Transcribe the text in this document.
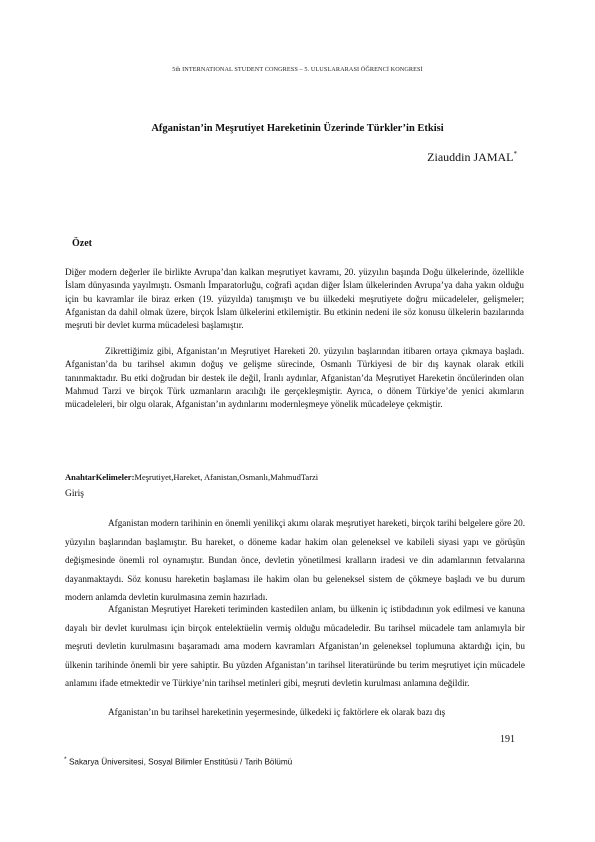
5th INTERNATIONAL STUDENT CONGRESS – 5. ULUSLARARASI ÖĞRENCİ KONGRESİ
Afganistan’in Meşrutiyet Hareketinin Üzerinde Türkler’in Etkisi
Ziauddin JAMAL*
Özet
Diğer modern değerler ile birlikte Avrupa’dan kalkan meşrutiyet kavramı, 20. yüzyılın başında Doğu ülkelerinde, özellikle İslam dünyasında yayılmıştı. Osmanlı İmparatorluğu, coğrafi açıdan diğer İslam ülkelerinden Avrupa’ya daha yakın olduğu için bu kavramlar ile biraz erken (19. yüzyılda) tanışmıştı ve bu ülkedeki meşrutiyete doğru mücadeleler, gelişmeler; Afganistan da dahil olmak üzere, birçok İslam ülkelerini etkilemiştir. Bu etkinin nedeni ile söz konusu ülkelerin bazılarında meşruti bir devlet kurma mücadelesi başlamıştır.
Zikrettiğimiz gibi, Afganistan’ın Meşrutiyet Hareketi 20. yüzyılın başlarından itibaren ortaya çıkmaya başladı. Afganistan’da bu tarihsel akımın doğuş ve gelişme sürecinde, Osmanlı Türkiyesi de bir dış kaynak olarak etkili tanınmaktadır. Bu etki doğrudan bir destek ile değil, İranlı aydınlar, Afganistan’da Meşrutiyet Hareketin öncülerinden olan Mahmud Tarzi ve birçok Türk uzmanların aracılığı ile gerçekleşmiştir. Ayrıca, o dönem Türkiye’de yenici akımların mücadeleleri, bir olgu olarak, Afganistan’ın aydınlarını modernleşmeye yönelik mücadeleye çekmiştir.
AnahtarKelimeler:Meşrutiyet,Hareket, Afanistan,Osmanlı,MahmudTarzi
Giriş
Afganistan modern tarihinin en önemli yenilikçi akımı olarak meşrutiyet hareketi, birçok tarihi belgelere göre 20. yüzyılın başlarından başlamıştır. Bu hareket, o döneme kadar hakim olan geleneksel ve kabileli siyasi yapı ve görüşün değişmesinde önemli rol oynamıştır. Bundan önce, devletin yönetilmesi kralların iradesi ve din adamlarının fetvalarına dayanmaktaydı. Söz konusu hareketin başlaması ile hakim olan bu geleneksel sistem de çökmeye başladı ve bu durum modern anlamda devletin kurulmasına zemin hazırladı.
Afganistan Meşrutiyet Hareketi teriminden kastedilen anlam, bu ülkenin iç istibdadının yok edilmesi ve kanuna dayalı bir devlet kurulması için birçok entelektüelin vermiş olduğu mücadeledir. Bu tarihsel mücadele tam anlamıyla bir meşruti devletin kurulmasını başaramadı ama modern kavramları Afganistan’ın geleneksel toplumuna aktardığı için, bu ülkenin tarihinde önemli bir yere sahiptir. Bu yüzden Afganistan’ın tarihsel literatüründe bu terim meşrutiyet için mücadele anlamını ifade etmektedir ve Türkiye’nin tarihsel metinleri gibi, meşruti devletin kurulması anlamına değildir.
Afganistan’ın bu tarihsel hareketinin yeşermesinde, ülkedeki iç faktörlere ek olarak bazı dış
191
* Sakarya Üniversitesi, Sosyal Bilimler Enstitüsü / Tarih Bölümü
